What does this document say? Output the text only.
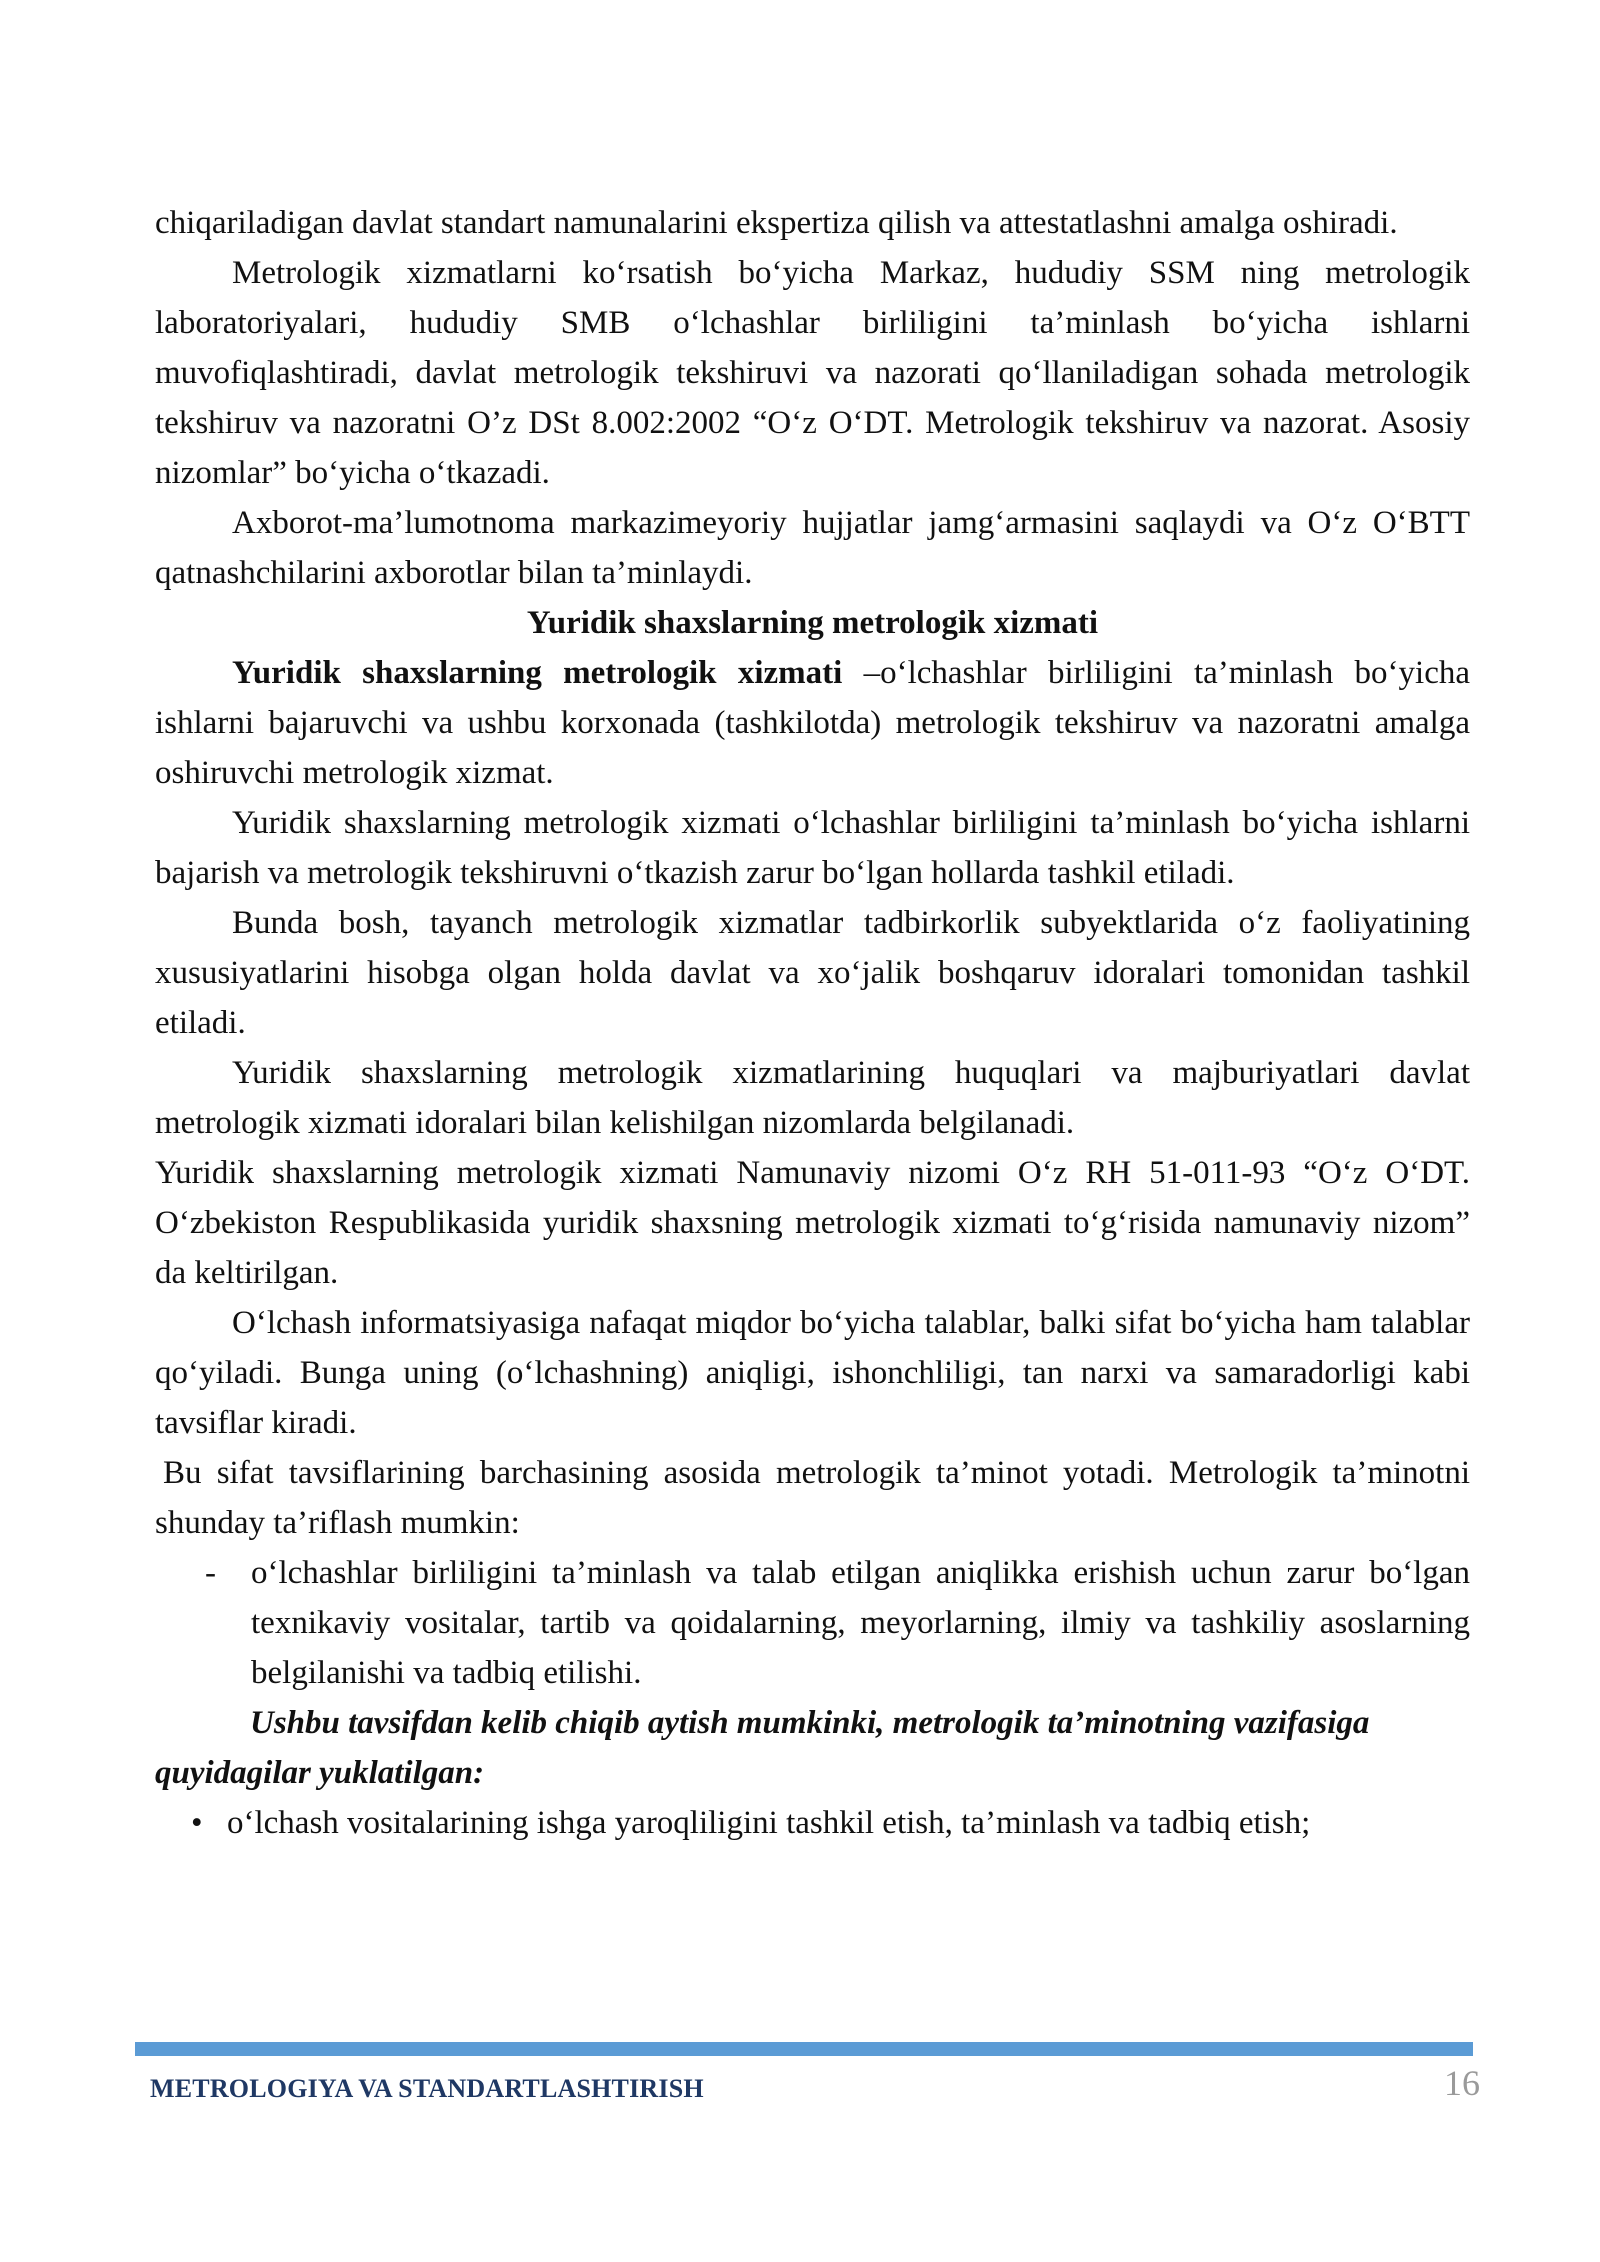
chiqariladigan davlat standart namunalarini ekspertiza qilish va attestatlashni amalga oshiradi.

Metrologik xizmatlarni ko‘rsatish bo‘yicha Markaz, hududiy SSM ning metrologik laboratoriyalari, hududiy SMB o‘lchashlar birliligini ta’minlash bo‘yicha ishlarni muvofiqlashtiradi, davlat metrologik tekshiruvi va nazorati qo‘llaniladigan sohada metrologik tekshiruv va nazoratni O’z DSt 8.002:2002 “O‘z O‘DT. Metrologik tekshiruv va nazorat. Asosiy nizomlar” bo‘yicha o‘tkazadi.

Axborot-ma’lumotnoma markazimeyoriy hujjatlar jamg‘armasini saqlaydi va O‘z O‘BTT qatnashchilarini axborotlar bilan ta’minlaydi.

Yuridik shaxslarning metrologik xizmati

Yuridik shaxslarning metrologik xizmati –o‘lchashlar birliligini ta’minlash bo‘yicha ishlarni bajaruvchi va ushbu korxonada (tashkilotda) metrologik tekshiruv va nazoratni amalga oshiruvchi metrologik xizmat.

Yuridik shaxslarning metrologik xizmati o‘lchashlar birliligini ta’minlash bo‘yicha ishlarni bajarish va metrologik tekshiruvni o‘tkazish zarur bo‘lgan hollarda tashkil etiladi.

Bunda bosh, tayanch metrologik xizmatlar tadbirkorlik subyektlarida o‘z faoliyatining xususiyatlarini hisobga olgan holda davlat va xo‘jalik boshqaruv idoralari tomonidan tashkil etiladi.

Yuridik shaxslarning metrologik xizmatlarining huquqlari va majburiyatlari davlat metrologik xizmati idoralari bilan kelishilgan nizomlarda belgilanadi.

Yuridik shaxslarning metrologik xizmati Namunaviy nizomi O‘z RH 51-011-93 “O‘z O‘DT. O‘zbekiston Respublikasida yuridik shaxsning metrologik xizmati to‘g‘risida namunaviy nizom” da keltirilgan.

O‘lchash informatsiyasiga nafaqat miqdor bo‘yicha talablar, balki sifat bo‘yicha ham talablar qo‘yiladi. Bunga uning (o‘lchashning) aniqligi, ishonchliligi, tan narxi va samaradorligi kabi tavsiflar kiradi.

Bu sifat tavsiflarining barchasining asosida metrologik ta’minot yotadi. Metrologik ta’minotni shunday ta’riflash mumkin:

-	o‘lchashlar birliligini ta’minlash va talab etilgan aniqlikka erishish uchun zarur bo‘lgan texnikaviy vositalar, tartib va qoidalarning, meyorlarning, ilmiy va tashkiliy asoslarning belgilanishi va tadbiq etilishi.

Ushbu tavsifdan kelib chiqib aytish mumkinki, metrologik ta’minotning vazifasiga quyidagilar yuklatilgan:

• o‘lchash vositalarining ishga yaroqliligini tashkil etish, ta’minlash va tadbiq etish;

METROLOGIYA VA STANDARTLASHTIRISH	16
